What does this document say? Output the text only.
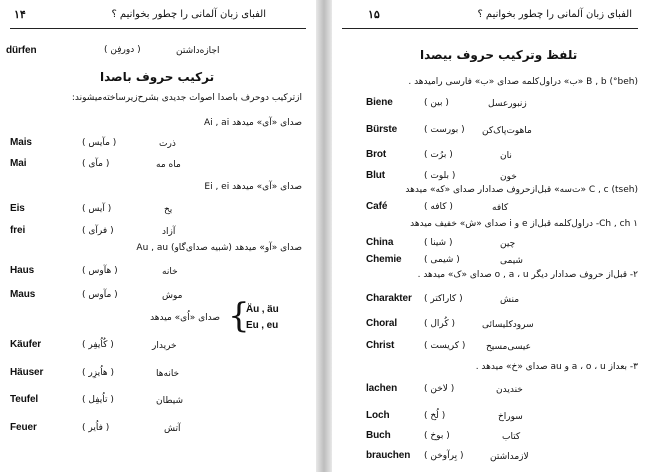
۱۴	الفبای زبان آلمانی را چطور بخوانیم ؟
dürfen	( دورفِن )	اجازه‌داشتن
ترکیب حروف باصدا
ازترکیب دوحرف باصدا اصوات جدیدی بشرح‌زیرساخته‌میشوند:
صدای «آی» میدهد Ai , ai
Mais	( مآیس )	ذرت
Mai	( مآی )	ماه مه
صدای «آی» میدهد Ei , ei
Eis	( آیس )	یخ
frei	( فرآی )	آزاد
صدای «آو» میدهد (شبیه صدای‌گاو) Au , au
Haus	( هآوس )	خانه
Maus	( مآوس )	موش
صدای «اُی» میدهد {
Äu , äu
Eu , eu
Käufer	( کُاُیفِر )	خریدار
Häuser	( هاُیزِر )	خانه‌ها
Teufel	( تاُیفِل )	شیطان
Feuer	( فاُیر )	آتش
۱۵	الفبای زبان آلمانی را چطور بخوانیم ؟
تلفظ وترکیب حروف بیصدا
(beh°) B , b «ب» دراول‌کلمه صدای «ب» فارسی رامیدهد .
Biene	( بین )	زنبورعسل
Bürste	( بورست ) ماهوت‌پاک‌کن
Brot	( برُت )	نان
Blut	( بلوت )	خون
(tseh) C , c «ت‌سه» قبل‌ازحروف صدادار صدای «که» میدهد
Café	( کافه )	کافه
Ch , ch ۱- دراول‌کلمه قبل‌از e و i صدای «ش» خفیف میدهد
China	( شینا )	چین
Chemie ( شیمی )	شیمی
۲- قبل‌از حروف صدادار دیگر o , a ، u صدای «ک» میدهد .
Charakter ( کاراکتر )	منش
Choral	( کُرال )	سرودکلیسائی
Christ	( کریست ) عیسی‌مسیح
۳- بعداز a ، o ، u و au صدای «خ» میدهد .
lachen	( لاخن )	خندیدن
Loch	( لُخ )	سوراخ
Buch	( بوخ )	کتاب
brauchen ( بِرآوخن )	لازمداشتن
